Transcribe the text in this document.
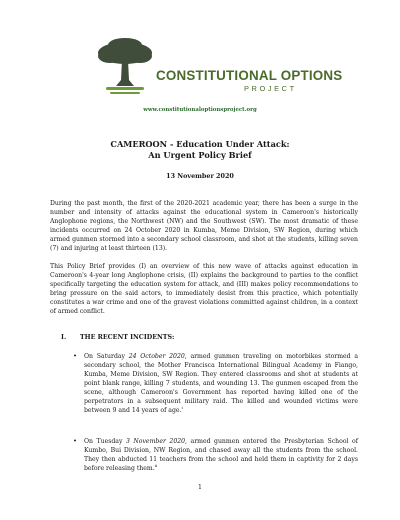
CONSTITUTIONAL OPTIONS
PROJECT
www.constitutionaloptionsproject.org
CAMEROON - Education Under Attack:
An Urgent Policy Brief
13 November 2020

During the past month, the first of the 2020-2021 academic year, there has been a surge in the number and intensity of attacks against the educational system in Cameroon's historically Anglophone regions, the Northwest (NW) and the Southwest (SW). The most dramatic of these incidents occurred on 24 October 2020 in Kumba, Meme Division, SW Region, during which armed gunmen stormed into a secondary school classroom, and shot at the students, killing seven (7) and injuring at least thirteen (13).

This Policy Brief provides (I) an overview of this new wave of attacks against education in Cameroon's 4-year long Anglophone crisis, (II) explains the background to parties to the conflict specifically targeting the education system for attack, and (III) makes policy recommendations to bring pressure on the said actors, to immediately desist from this practice, which potentially constitutes a war crime and one of the gravest violations committed against children, in a context of armed conflict.

I. THE RECENT INCIDENTS:
• On Saturday 24 October 2020, armed gunmen traveling on motorbikes stormed a secondary school, the Mother Francisca International Bilingual Academy in Fiango, Kumba, Meme Division, SW Region. They entered classrooms and shot at students at point blank range, killing 7 students, and wounding 13. The gunmen escaped from the scene, although Cameroon's Government has reported having killed one of the perpetrators in a subsequent military raid. The killed and wounded victims were between 9 and 14 years of age.$^i$

• On Tuesday 3 November 2020, armed gunmen entered the Presbyterian School of Kumbo, Bui Division, NW Region, and chased away all the students from the school. They then abducted 11 teachers from the school and held them in captivity for 2 days before releasing them.$^{ii}$

1
